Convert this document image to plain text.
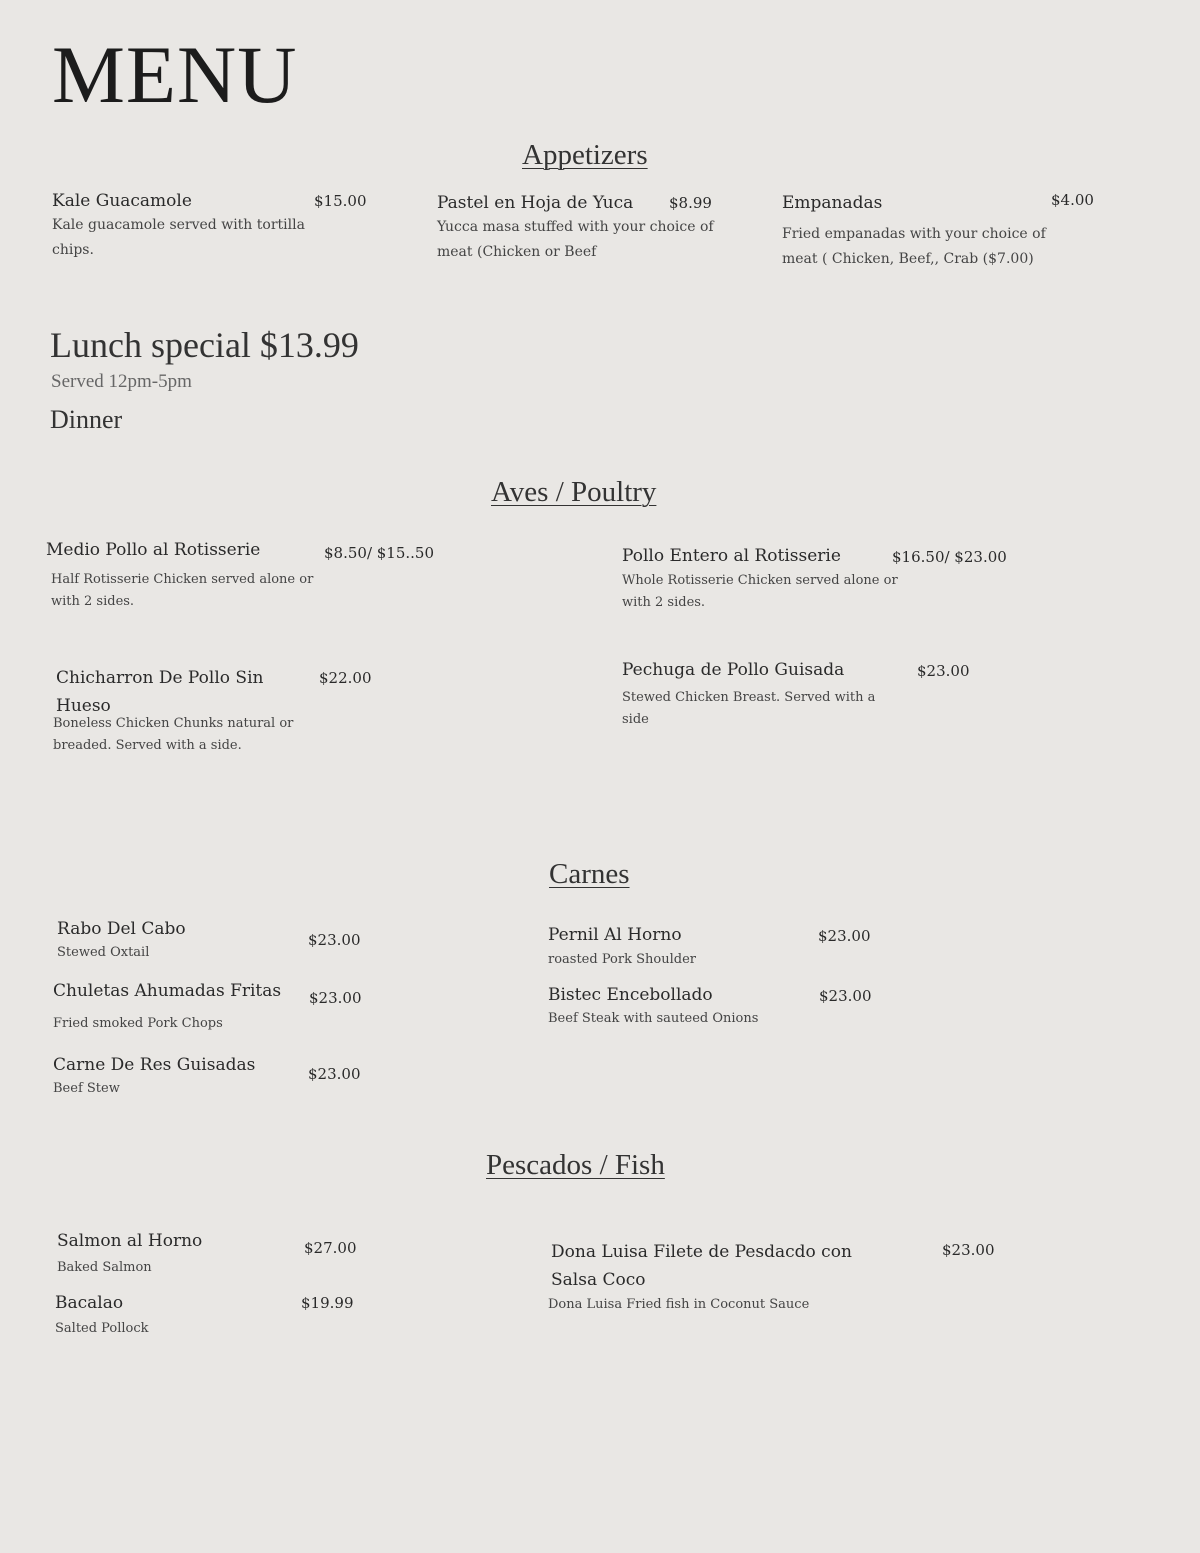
MENU
Appetizers
Kale Guacamole	$15.00
Kale guacamole served with tortilla chips.
Pastel en Hoja de Yuca $8.99
Yucca masa stuffed with your choice of meat (Chicken or Beef
Empanadas	$4.00
Fried empanadas with your choice of meat ( Chicken, Beef,, Crab ($7.00)
Lunch special $13.99
Served 12pm-5pm
Dinner
Aves / Poultry
Medio Pollo al Rotisserie	$8.50/ $15..50
Half Rotisserie Chicken served alone or with 2 sides.
Pollo Entero al Rotisserie	$16.50/ $23.00
Whole Rotisserie Chicken served alone or with 2 sides.
Chicharron De Pollo Sin Hueso
$22.00
Boneless Chicken Chunks natural or breaded. Served with a side.
Pechuga de Pollo Guisada	$23.00
Stewed Chicken Breast. Served with a side
Carnes
Rabo Del Cabo
$23.00
Stewed Oxtail
Chuletas Ahumadas Fritas $23.00
Fried smoked Pork Chops
Carne De Res Guisadas	$23.00
Beef Stew
Pernil Al Horno	$23.00
roasted Pork Shoulder
Bistec Encebollado	$23.00
Beef Steak with sauteed Onions
Pescados / Fish
Salmon al Horno	$27.00
Baked Salmon
Bacalao	$19.99
Salted Pollock
Dona Luisa Filete de Pesdacdo con Salsa Coco
$23.00
Dona Luisa Fried fish in Coconut Sauce
